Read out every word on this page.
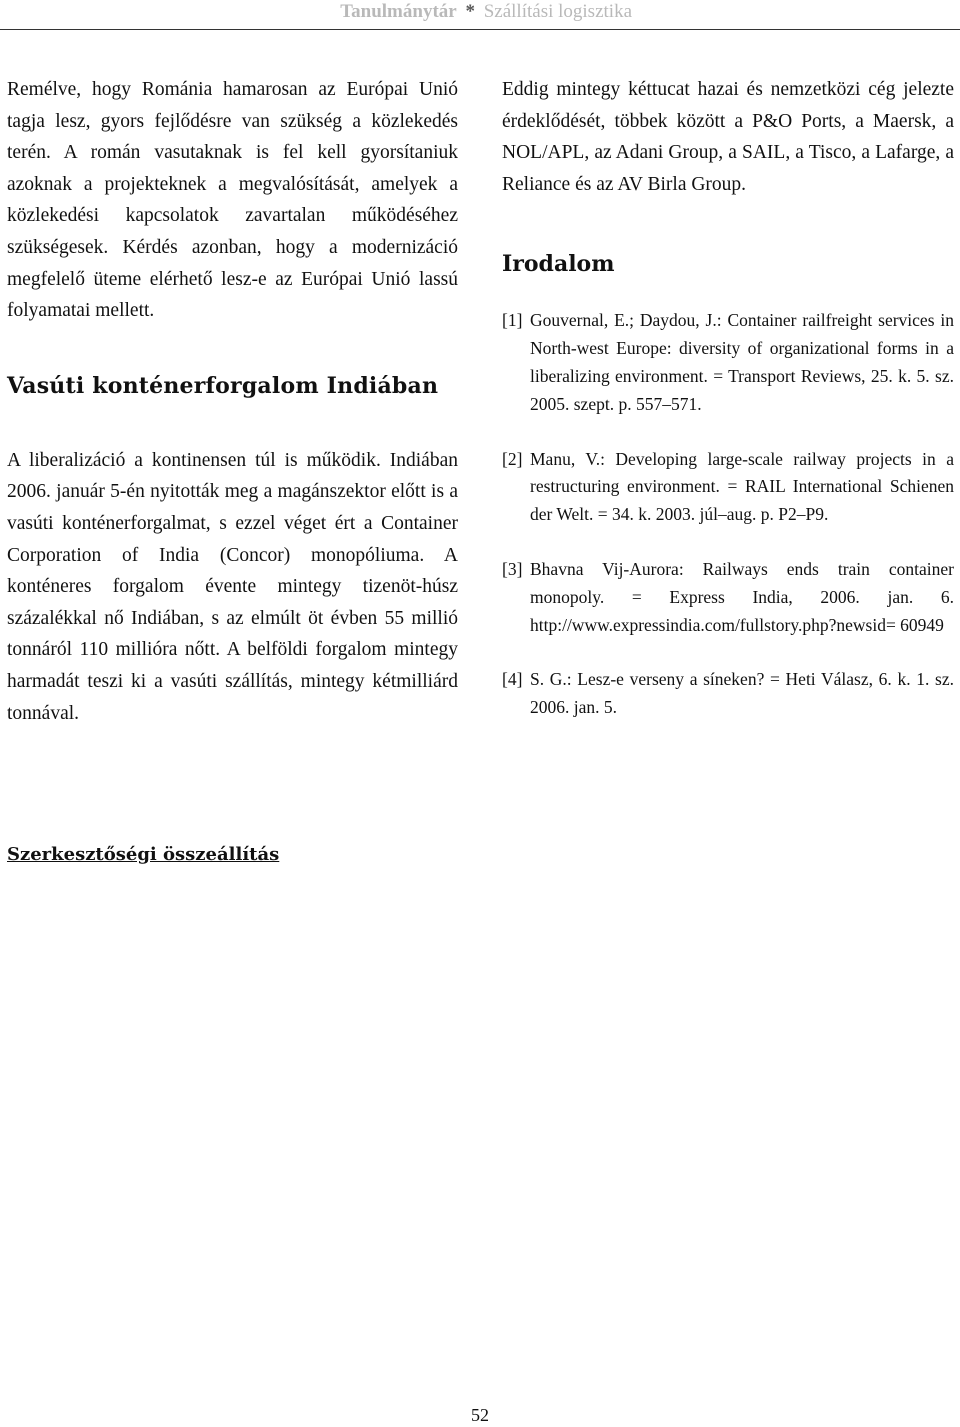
Tanulmánytár * Szállítási logisztika

Remélve, hogy Románia hamarosan az Európai Unió tagja lesz, gyors fejlődésre van szükség a közlekedés terén. A román vasutaknak is fel kell gyorsítaniuk azoknak a projekteknek a megvalósítását, amelyek a közlekedési kapcsolatok zavartalan működéséhez szükségesek. Kérdés azonban, hogy a modernizáció megfelelő üteme elérhető lesz-e az Európai Unió lassú folyamatai mellett.

Vasúti konténerforgalom Indiában

A liberalizáció a kontinensen túl is működik. Indiában 2006. január 5-én nyitották meg a magánszektor előtt is a vasúti konténerforgalmat, s ezzel véget ért a Container Corporation of India (Concor) monopóliuma. A konténeres forgalom évente mintegy tizenöt-húsz százalékkal nő Indiában, s az elmúlt öt évben 55 millió tonnáról 110 millióra nőtt. A belföldi forgalom mintegy harmadát teszi ki a vasúti szállítás, mintegy kétmilliárd tonnával.

Eddig mintegy kéttucat hazai és nemzetközi cég jelezte érdeklődését, többek között a P&O Ports, a Maersk, a NOL/APL, az Adani Group, a SAIL, a Tisco, a Lafarge, a Reliance és az AV Birla Group.

Irodalom
[1] Gouvernal, E.; Daydou, J.: Container railfreight services in North-west Europe: diversity of organizational forms in a liberalizing environment. = Transport Reviews, 25. k. 5. sz. 2005. szept. p. 557–571.
[2] Manu, V.: Developing large-scale railway projects in a restructuring environment. = RAIL International Schienen der Welt. = 34. k. 2003. júl–aug. p. P2–P9.
[3] Bhavna Vij-Aurora: Railways ends train container monopoly. = Express India, 2006. jan. 6. http://www.expressindia.com/fullstory.php?newsid= 60949
[4] S. G.: Lesz-e verseny a síneken? = Heti Válasz, 6. k. 1. sz. 2006. jan. 5.
Szerkesztőségi összeállítás
52
